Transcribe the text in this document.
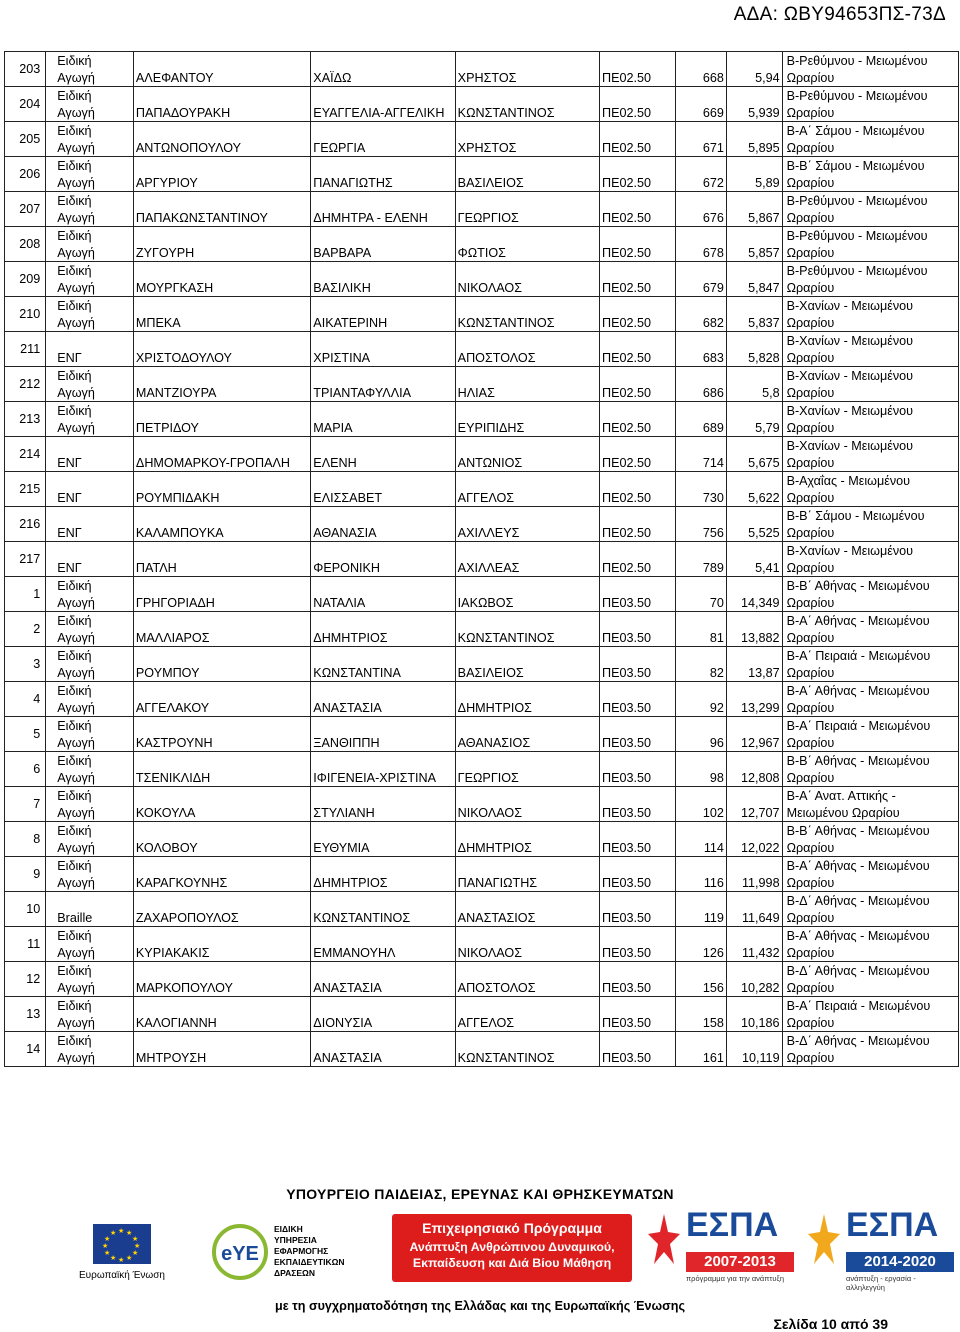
ΑΔΑ: ΩΒΥ94653ΠΣ-73Δ
203	Ειδική Αγωγή	ΑΛΕΦΑΝΤΟΥ	ΧΑΪΔΩ	ΧΡΗΣΤΟΣ	ΠΕ02.50	668	5,94	Β-Ρεθύμνου - Μειωμένου Ωραρίου
204	Ειδική Αγωγή	ΠΑΠΑΔΟΥΡΑΚΗ	ΕΥΑΓΓΕΛΙΑ-ΑΓΓΕΛΙΚΗ	ΚΩΝΣΤΑΝΤΙΝΟΣ	ΠΕ02.50	669	5,939	Β-Ρεθύμνου - Μειωμένου Ωραρίου
205	Ειδική Αγωγή	ΑΝΤΩΝΟΠΟΥΛΟΥ	ΓΕΩΡΓΙΑ	ΧΡΗΣΤΟΣ	ΠΕ02.50	671	5,895	Β-Α΄ Σάμου - Μειωμένου Ωραρίου
206	Ειδική Αγωγή	ΑΡΓΥΡΙΟΥ	ΠΑΝΑΓΙΩΤΗΣ	ΒΑΣΙΛΕΙΟΣ	ΠΕ02.50	672	5,89	Β-Β΄ Σάμου - Μειωμένου Ωραρίου
207	Ειδική Αγωγή	ΠΑΠΑΚΩΝΣΤΑΝΤΙΝΟΥ	ΔΗΜΗΤΡΑ - ΕΛΕΝΗ	ΓΕΩΡΓΙΟΣ	ΠΕ02.50	676	5,867	Β-Ρεθύμνου - Μειωμένου Ωραρίου
208	Ειδική Αγωγή	ΖΥΓΟΥΡΗ	ΒΑΡΒΑΡΑ	ΦΩΤΙΟΣ	ΠΕ02.50	678	5,857	Β-Ρεθύμνου - Μειωμένου Ωραρίου
209	Ειδική Αγωγή	ΜΟΥΡΓΚΑΣΗ	ΒΑΣΙΛΙΚΗ	ΝΙΚΟΛΑΟΣ	ΠΕ02.50	679	5,847	Β-Ρεθύμνου - Μειωμένου Ωραρίου
210	Ειδική Αγωγή	ΜΠΕΚΑ	ΑΙΚΑΤΕΡΙΝΗ	ΚΩΝΣΤΑΝΤΙΝΟΣ	ΠΕ02.50	682	5,837	Β-Χανίων - Μειωμένου Ωραρίου
211	ΕΝΓ	ΧΡΙΣΤΟΔΟΥΛΟΥ	ΧΡΙΣΤΙΝΑ	ΑΠΟΣΤΟΛΟΣ	ΠΕ02.50	683	5,828	Β-Χανίων - Μειωμένου Ωραρίου
212	Ειδική Αγωγή	ΜΑΝΤΖΙΟΥΡΑ	ΤΡΙΑΝΤΑΦΥΛΛΙΑ	ΗΛΙΑΣ	ΠΕ02.50	686	5,8	Β-Χανίων - Μειωμένου Ωραρίου
213	Ειδική Αγωγή	ΠΕΤΡΙΔΟΥ	ΜΑΡΙΑ	ΕΥΡΙΠΙΔΗΣ	ΠΕ02.50	689	5,79	Β-Χανίων - Μειωμένου Ωραρίου
214	ΕΝΓ	ΔΗΜΟΜΑΡΚΟΥ-ΓΡΟΠΑΛΗ	ΕΛΕΝΗ	ΑΝΤΩΝΙΟΣ	ΠΕ02.50	714	5,675	Β-Χανίων - Μειωμένου Ωραρίου
215	ΕΝΓ	ΡΟΥΜΠΙΔΑΚΗ	ΕΛΙΣΣΑΒΕΤ	ΑΓΓΕΛΟΣ	ΠΕ02.50	730	5,622	Β-Αχαΐας - Μειωμένου Ωραρίου
216	ΕΝΓ	ΚΑΛΑΜΠΟΥΚΑ	ΑΘΑΝΑΣΙΑ	ΑΧΙΛΛΕΥΣ	ΠΕ02.50	756	5,525	Β-Β΄ Σάμου - Μειωμένου Ωραρίου
217	ΕΝΓ	ΠΑΤΛΗ	ΦΕΡΟΝΙΚΗ	ΑΧΙΛΛΕΑΣ	ΠΕ02.50	789	5,41	Β-Χανίων - Μειωμένου Ωραρίου
1	Ειδική Αγωγή	ΓΡΗΓΟΡΙΑΔΗ	ΝΑΤΑΛΙΑ	ΙΑΚΩΒΟΣ	ΠΕ03.50	70	14,349	Β-Β΄ Αθήνας - Μειωμένου Ωραρίου
2	Ειδική Αγωγή	ΜΑΛΛΙΑΡΟΣ	ΔΗΜΗΤΡΙΟΣ	ΚΩΝΣΤΑΝΤΙΝΟΣ	ΠΕ03.50	81	13,882	Β-Α΄ Αθήνας - Μειωμένου Ωραρίου
3	Ειδική Αγωγή	ΡΟΥΜΠΟΥ	ΚΩΝΣΤΑΝΤΙΝΑ	ΒΑΣΙΛΕΙΟΣ	ΠΕ03.50	82	13,87	Β-Α΄ Πειραιά - Μειωμένου Ωραρίου
4	Ειδική Αγωγή	ΑΓΓΕΛΑΚΟΥ	ΑΝΑΣΤΑΣΙΑ	ΔΗΜΗΤΡΙΟΣ	ΠΕ03.50	92	13,299	Β-Α΄ Αθήνας - Μειωμένου Ωραρίου
5	Ειδική Αγωγή	ΚΑΣΤΡΟΥΝΗ	ΞΑΝΘΙΠΠΗ	ΑΘΑΝΑΣΙΟΣ	ΠΕ03.50	96	12,967	Β-Α΄ Πειραιά - Μειωμένου Ωραρίου
6	Ειδική Αγωγή	ΤΣΕΝΙΚΛΙΔΗ	ΙΦΙΓΕΝΕΙΑ-ΧΡΙΣΤΙΝΑ	ΓΕΩΡΓΙΟΣ	ΠΕ03.50	98	12,808	Β-Β΄ Αθήνας - Μειωμένου Ωραρίου
7	Ειδική Αγωγή	ΚΟΚΟΥΛΑ	ΣΤΥΛΙΑΝΗ	ΝΙΚΟΛΑΟΣ	ΠΕ03.50	102	12,707	Β-Α΄ Ανατ. Αττικής - Μειωμένου Ωραρίου
8	Ειδική Αγωγή	ΚΟΛΟΒΟΥ	ΕΥΘΥΜΙΑ	ΔΗΜΗΤΡΙΟΣ	ΠΕ03.50	114	12,022	Β-Β΄ Αθήνας - Μειωμένου Ωραρίου
9	Ειδική Αγωγή	ΚΑΡΑΓΚΟΥΝΗΣ	ΔΗΜΗΤΡΙΟΣ	ΠΑΝΑΓΙΩΤΗΣ	ΠΕ03.50	116	11,998	Β-Α΄ Αθήνας - Μειωμένου Ωραρίου
10	Braille	ΖΑΧΑΡΟΠΟΥΛΟΣ	ΚΩΝΣΤΑΝΤΙΝΟΣ	ΑΝΑΣΤΑΣΙΟΣ	ΠΕ03.50	119	11,649	Β-Δ΄ Αθήνας - Μειωμένου Ωραρίου
11	Ειδική Αγωγή	ΚΥΡΙΑΚΑΚΙΣ	ΕΜΜΑΝΟΥΗΛ	ΝΙΚΟΛΑΟΣ	ΠΕ03.50	126	11,432	Β-Α΄ Αθήνας - Μειωμένου Ωραρίου
12	Ειδική Αγωγή	ΜΑΡΚΟΠΟΥΛΟΥ	ΑΝΑΣΤΑΣΙΑ	ΑΠΟΣΤΟΛΟΣ	ΠΕ03.50	156	10,282	Β-Δ΄ Αθήνας - Μειωμένου Ωραρίου
13	Ειδική Αγωγή	ΚΑΛΟΓΙΑΝΝΗ	ΔΙΟΝΥΣΙΑ	ΑΓΓΕΛΟΣ	ΠΕ03.50	158	10,186	Β-Α΄ Πειραιά - Μειωμένου Ωραρίου
14	Ειδική Αγωγή	ΜΗΤΡΟΥΣΗ	ΑΝΑΣΤΑΣΙΑ	ΚΩΝΣΤΑΝΤΙΝΟΣ	ΠΕ03.50	161	10,119	Β-Δ΄ Αθήνας - Μειωμένου Ωραρίου
ΥΠΟΥΡΓΕΙΟ ΠΑΙΔΕΙΑΣ, ΕΡΕΥΝΑΣ ΚΑΙ ΘΡΗΣΚΕΥΜΑΤΩΝ
★ ★
★
★
★
★
★
★
★
★
★
★
Ευρωπαϊκή Ένωση
eYE
ΕΙΔΙΚΗ
ΥΠΗΡΕΣΙΑ
ΕΦΑΡΜΟΓΗΣ
ΕΚΠΑΙΔΕΥΤΙΚΩΝ
ΔΡΑΣΕΩΝ
Επιχειρησιακό Πρόγραμμα
Ανάπτυξη Ανθρώπινου Δυναμικού,
Εκπαίδευση και Διά Βίου Μάθηση
ΕΣΠΑ
2007-2013
πρόγραμμα για την ανάπτυξη
ΕΣΠΑ
2014-2020
ανάπτυξη - εργασία - αλληλεγγύη
με τη συγχρηματοδότηση της Ελλάδας και της Ευρωπαϊκής Ένωσης
Σελίδα 10 από 39
